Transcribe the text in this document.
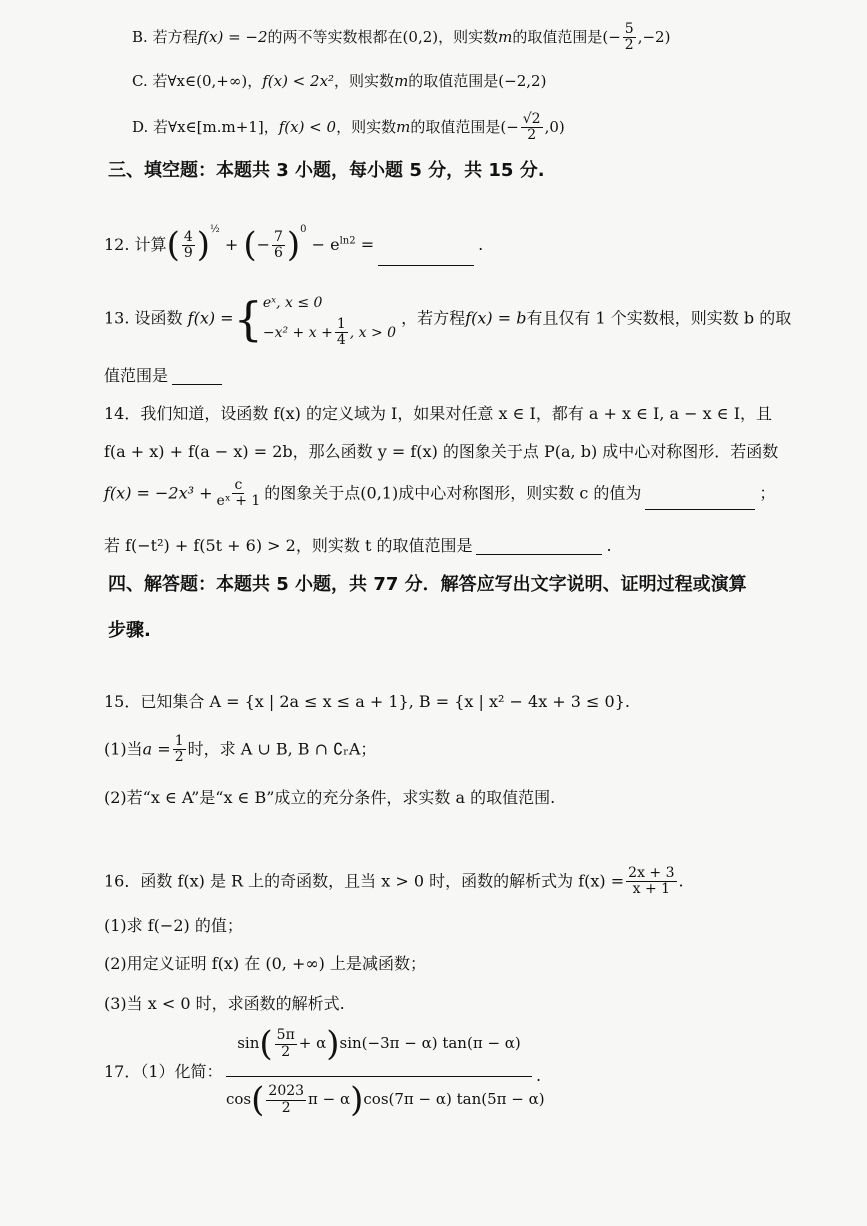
B. 若方程f(x) = −2的两不等实数根都在(0,2)，则实数m的取值范围是(− $\frac{5}{2} ,-2$)
C. 若∀x∈(0,+∞)，f(x) < 2x²，则实数m的取值范围是(−2,2)
D. 若∀x∈[m.m+1]，f(x) < 0，则实数m的取值范围是(− $\frac{√2}{2} ,0$)
三、填空题：本题共 3 小题，每小题 5 分，共 15 分.
12. 计算( $\frac{4}{9} )^{\frac{1}{2}}$ + (− $\frac{7}{6} )^0 - e^{ln2}$ =	.
13. 设函数 f(x) ={ eˣ, x ≤ 0
$-x^2 + x + \frac{1}{4}$ , x > 0
，若方程f(x) = b有且仅有 1 个实数根，则实数 b 的取
值范围是
14．我们知道，设函数 f(x) 的定义域为 I，如果对任意 x ∈ I，都有 a + x ∈ I, a − x ∈ I，且
f(a + x) + f(a − x) = 2b，那么函数 y = f(x) 的图象关于点 P(a, b) 成中心对称图形．若函数
$f(x) = -2x^3 + \frac{c}{\text{eˣ + 1}}$ 的图象关于点(0,1)成中心对称图形，则实数 c 的值为	；
若 f(−t²) + f(5t + 6) > 2，则实数 t 的取值范围是	.
四、解答题：本题共 5 小题，共 77 分．解答应写出文字说明、证明过程或演算
步骤.
15．已知集合 A = {x | 2a ≤ x ≤ a + 1}, B = {x | x² − 4x + 3 ≤ 0}.
(1)当$a = \frac{1}{2}$ 时，求 A ∪ B, B ∩ ∁ᵣA；
(2)若“x ∈ A”是“x ∈ B”成立的充分条件，求实数 a 的取值范围.
16．函数 f(x) 是 R 上的奇函数，且当 x > 0 时，函数的解析式为 $f(x) = \frac{2x + 3}{x + 1}$ .
(1)求 f(−2) 的值；
(2)用定义证明 f(x) 在 (0, +∞) 上是减函数；
(3)当 x < 0 时，求函数的解析式.
17．（1）化简：
$\sin( \frac{5\pi}{2} + \alpha)\sin(-3\pi - \alpha)$ tan(π − α)
$\cos( \frac{2023}{2}$ π − α)cos(7π − α) tan(5π − α)
.
